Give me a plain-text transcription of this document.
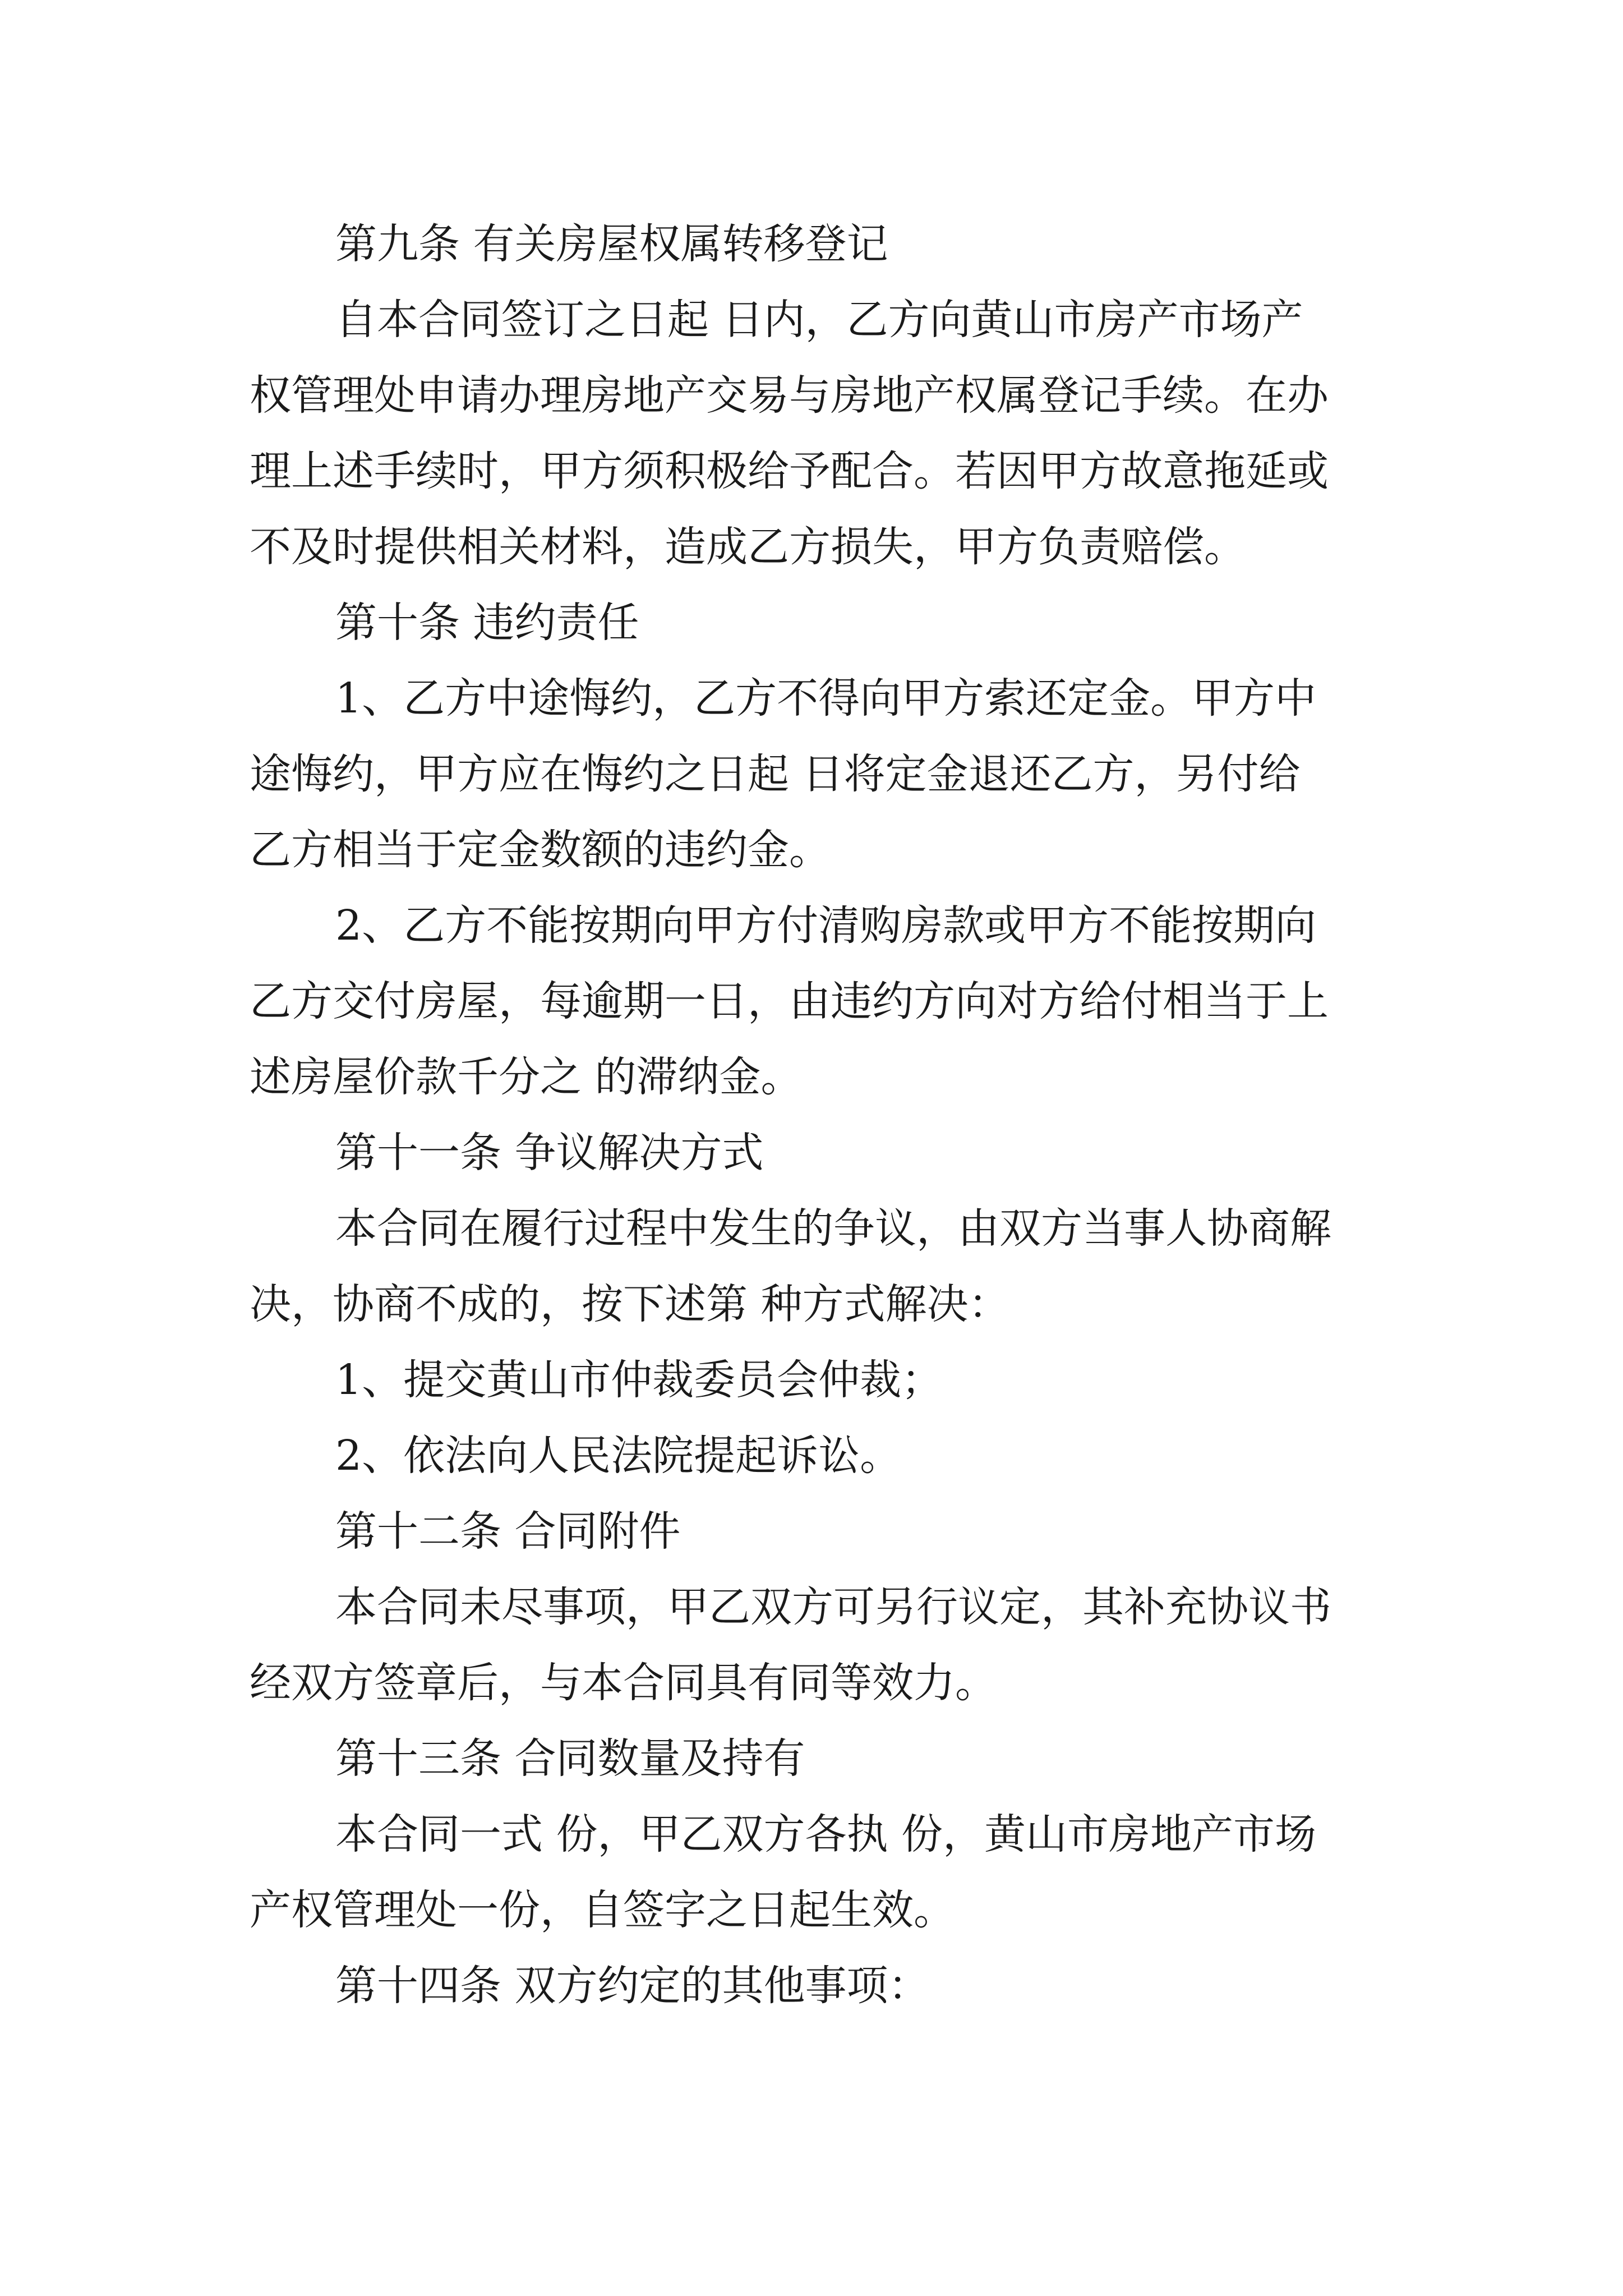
第九条 有关房屋权属转移登记
自本合同签订之日起 日内，乙方向黄山市房产市场产
权管理处申请办理房地产交易与房地产权属登记手续。在办
理上述手续时，甲方须积极给予配合。若因甲方故意拖延或
不及时提供相关材料，造成乙方损失，甲方负责赔偿。
第十条 违约责任
1、乙方中途悔约，乙方不得向甲方索还定金。甲方中
途悔约，甲方应在悔约之日起 日将定金退还乙方，另付给
乙方相当于定金数额的违约金。
2、乙方不能按期向甲方付清购房款或甲方不能按期向
乙方交付房屋，每逾期一日，由违约方向对方给付相当于上
述房屋价款千分之 的滞纳金。
第十一条 争议解决方式
本合同在履行过程中发生的争议，由双方当事人协商解
决，协商不成的，按下述第 种方式解决：
1、提交黄山市仲裁委员会仲裁；
2、依法向人民法院提起诉讼。
第十二条 合同附件
本合同未尽事项，甲乙双方可另行议定，其补充协议书
经双方签章后，与本合同具有同等效力。
第十三条 合同数量及持有
本合同一式 份，甲乙双方各执 份，黄山市房地产市场
产权管理处一份，自签字之日起生效。
第十四条 双方约定的其他事项：
